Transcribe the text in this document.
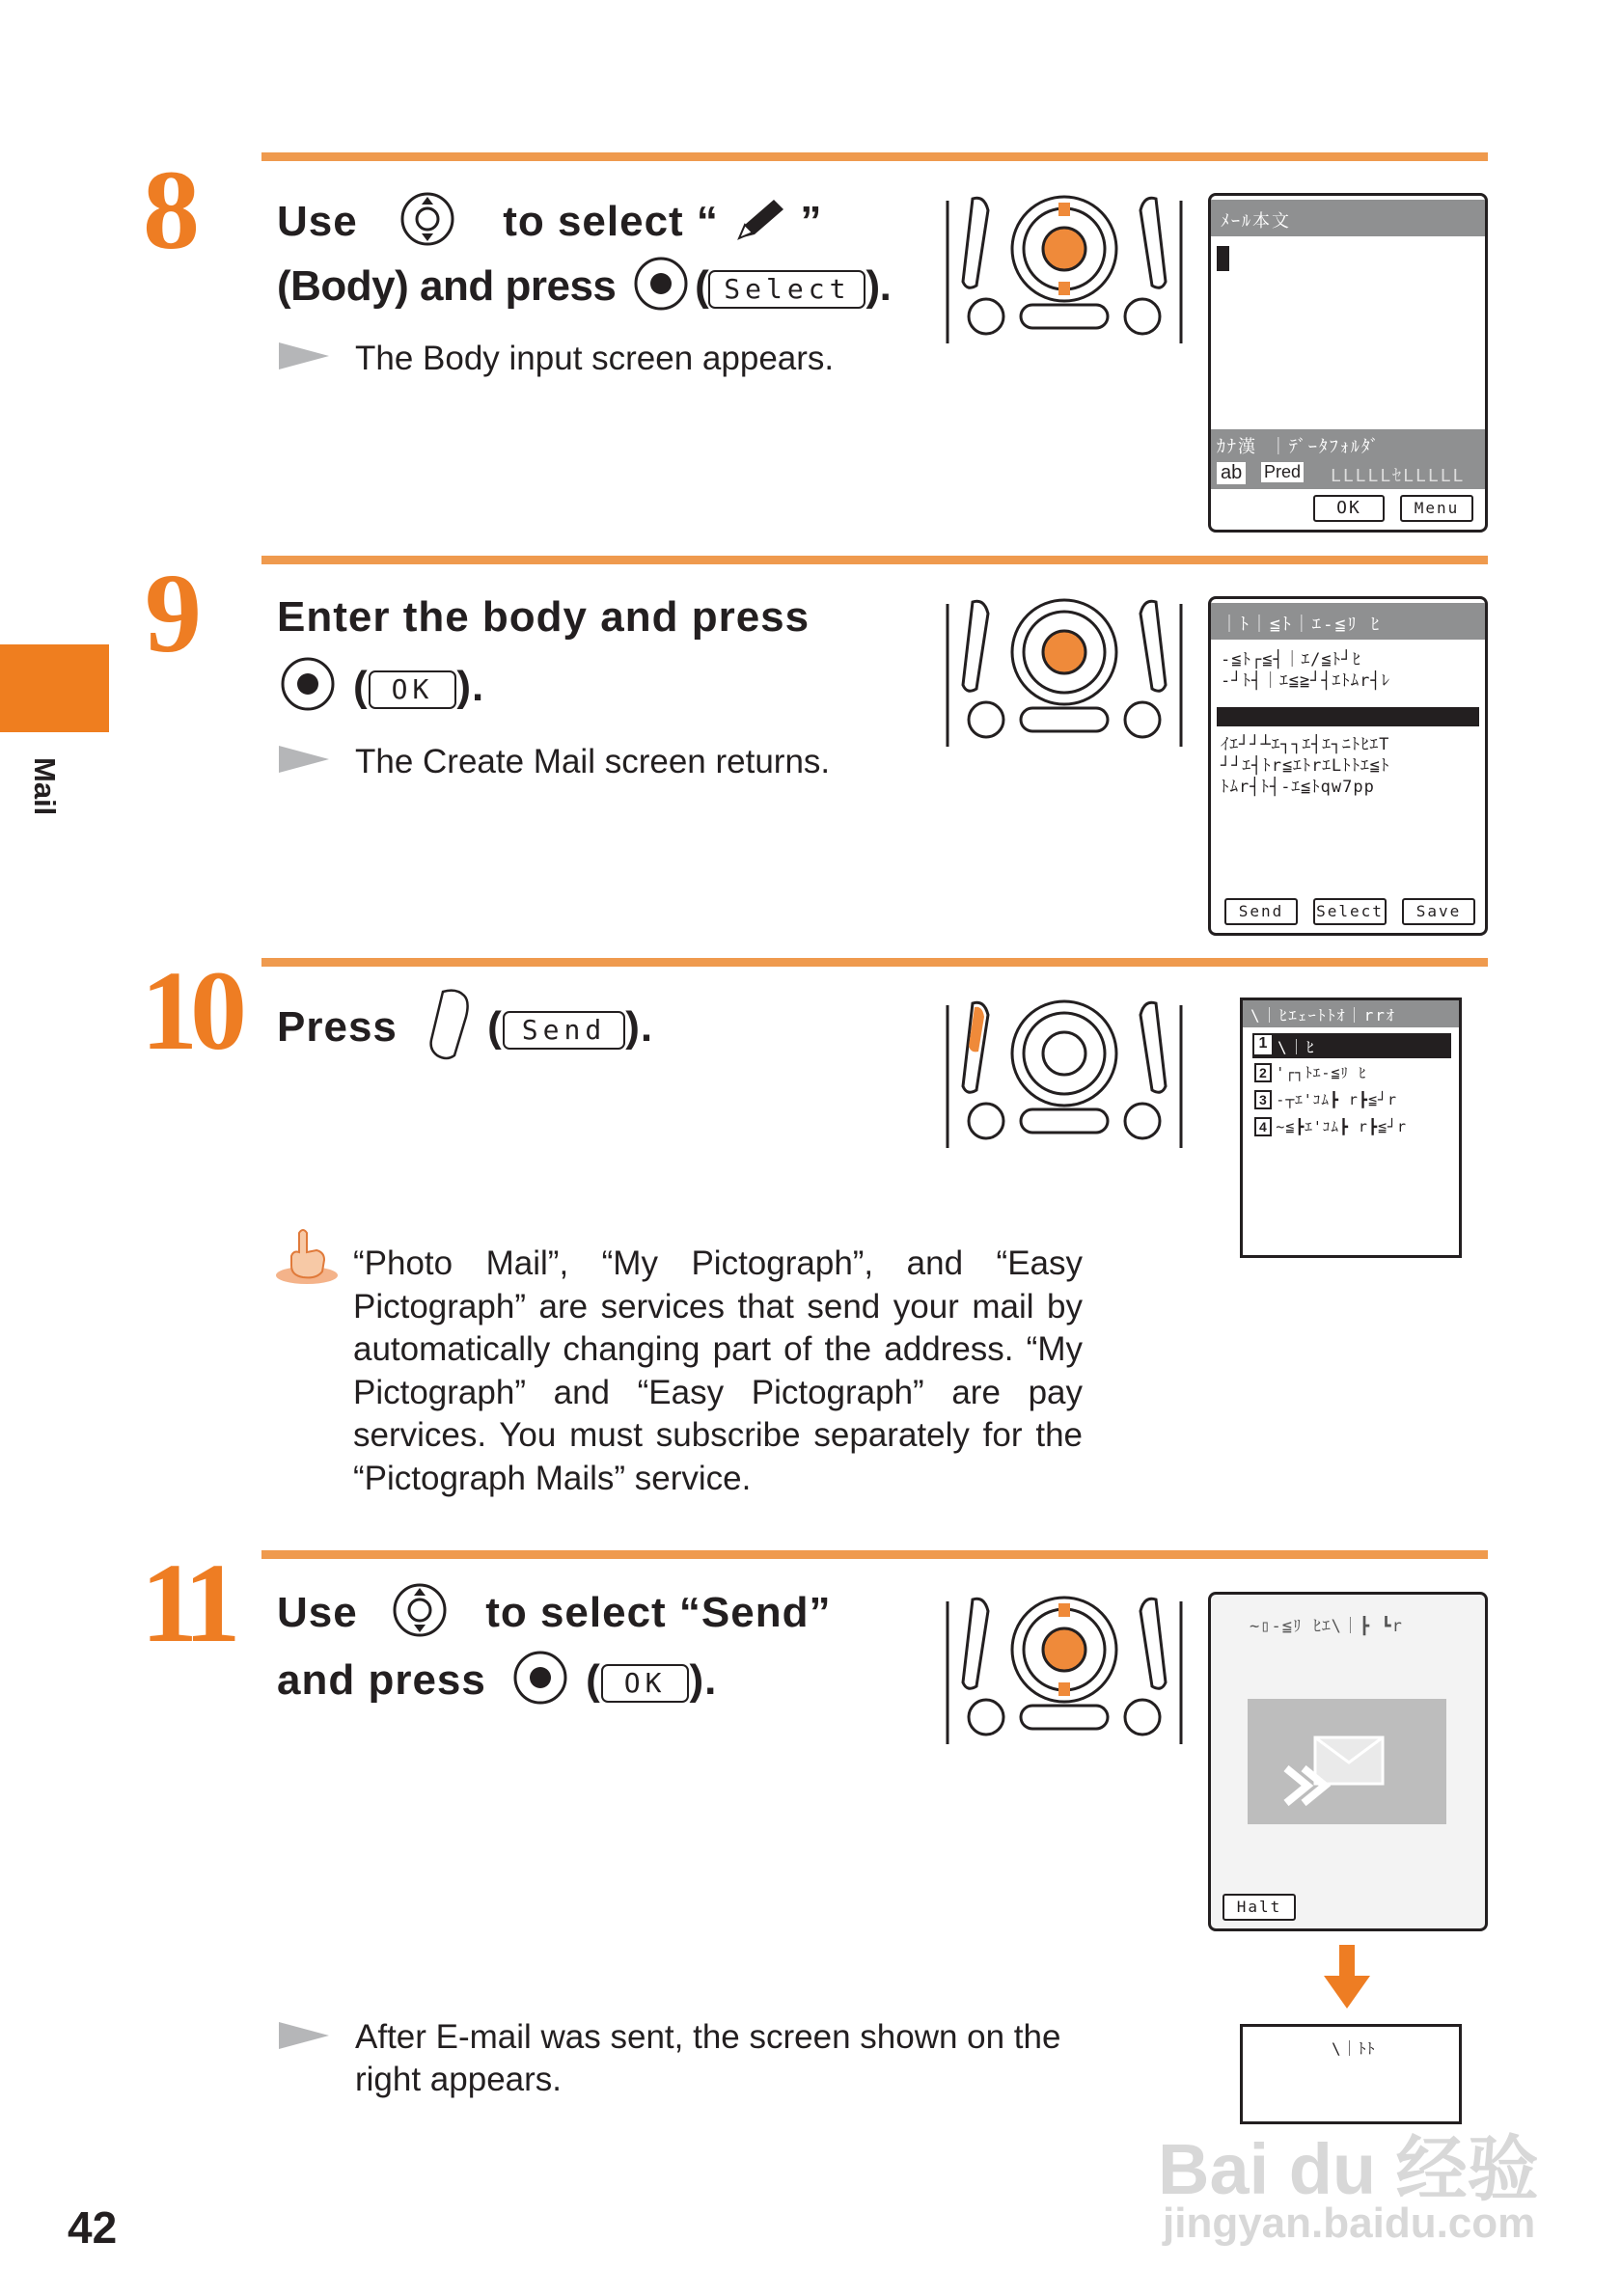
Mail
8 Use	to select “ ”
(Body) and press ( Select ).
The Body input screen appears.
ﾒｰﾙ本文
ｶﾅ漢 ｜ﾃﾞｰﾀﾌｫﾙﾀﾞ
ab Pred LLLLLｾLLLLL
OK	Menu
9 Enter the body and press
( OK ).
The Create Mail screen returns.
｜ﾄ｜≦ﾄ｜ｴ-≦ﾘ ﾋ
-≦ﾄ┌≦┤｜ｴ/≦ﾄ┘ﾋ
-┘ﾄ┤｜ｴ≦≧┘┤ｴﾄﾑr┤ﾚ
ｲｴ┘┘┴ｴ┐┐ｴ┤ｴ┐ﾆﾄﾋｴT
┘┘ｴ┤ﾄr≦ｴﾄrｴLﾄﾄｴ≦ﾄ
ﾄﾑr┤ﾄ┤-ｴ≦ﾄqw7pp
Send	Select	Save
10 Press ( Send ).	\｜ﾋｴｪｰﾄﾄｵ｜rrｵ
1 \｜ﾋ
2 '┌┐ﾄｴ-≦ﾘ ﾋ
3 -┬ｴ'ｺﾑ┣ r┣≦┘r
4 ~≦┣ｴ'ｺﾑ┣ r┣≦┘r
“Photo Mail”, “My Pictograph”, and “Easy Pictograph” are services that send your mail by automatically changing part of the address. “My Pictograph” and “Easy Pictograph” are pay services. You must subscribe separately for the “Pictograph Mails” service.
11 Use	to select “Send”
and press ( OK ).
~▯-≦ﾘ ﾋｴ\｜┣ ┗r
Halt
\｜ﾄﾄ
After E-mail was sent, the screen shown on the
right appears.
42
Bai du 经验
jingyan.baidu.com
